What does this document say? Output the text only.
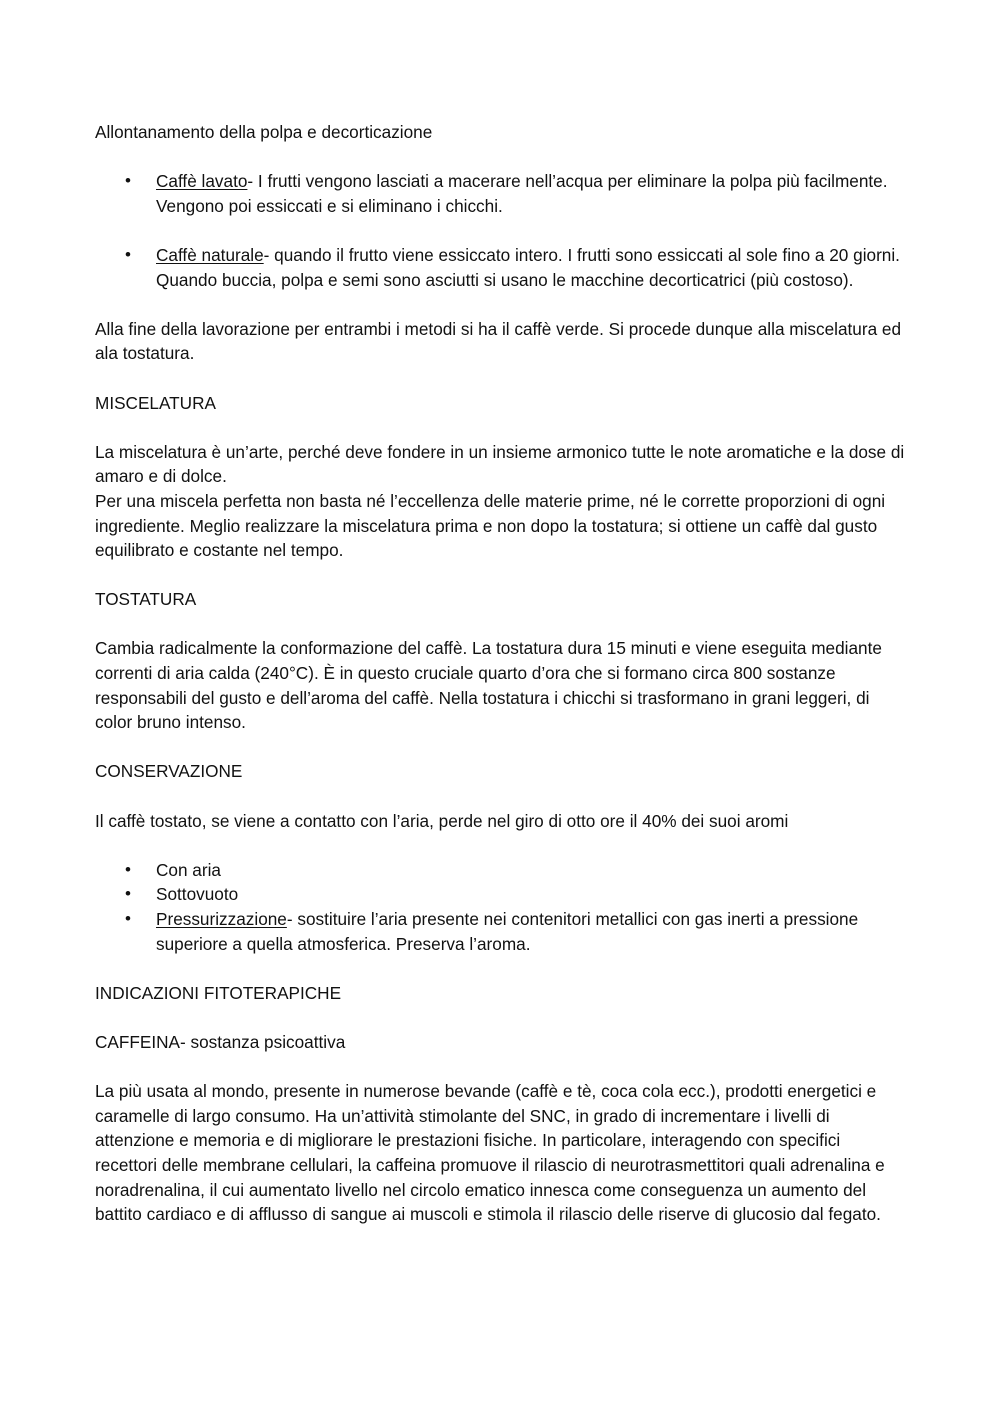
Allontanamento della polpa e decorticazione

• Caffè lavato- I frutti vengono lasciati a macerare nell’acqua per eliminare la polpa più facilmente. Vengono poi essiccati e si eliminano i chicchi.
• Caffè naturale- quando il frutto viene essiccato intero. I frutti sono essiccati al sole fino a 20 giorni. Quando buccia, polpa e semi sono asciutti si usano le macchine decorticatrici (più costoso).

Alla fine della lavorazione per entrambi i metodi si ha il caffè verde. Si procede dunque alla miscelatura ed ala tostatura.

MISCELATURA

La miscelatura è un’arte, perché deve fondere in un insieme armonico tutte le note aromatiche e la dose di amaro e di dolce.

Per una miscela perfetta non basta né l’eccellenza delle materie prime, né le corrette proporzioni di ogni ingrediente. Meglio realizzare la miscelatura prima e non dopo la tostatura; si ottiene un caffè dal gusto equilibrato e costante nel tempo.

TOSTATURA

Cambia radicalmente la conformazione del caffè. La tostatura dura 15 minuti e viene eseguita mediante correnti di aria calda (240°C). È in questo cruciale quarto d’ora che si formano circa 800 sostanze responsabili del gusto e dell’aroma del caffè. Nella tostatura i chicchi si trasformano in grani leggeri, di color bruno intenso.

CONSERVAZIONE

Il caffè tostato, se viene a contatto con l’aria, perde nel giro di otto ore il 40% dei suoi aromi

• Con aria
• Sottovuoto
• Pressurizzazione- sostituire l’aria presente nei contenitori metallici con gas inerti a pressione superiore a quella atmosferica. Preserva l’aroma.

INDICAZIONI FITOTERAPICHE

CAFFEINA- sostanza psicoattiva

La più usata al mondo, presente in numerose bevande (caffè e tè, coca cola ecc.), prodotti energetici e caramelle di largo consumo. Ha un’attività stimolante del SNC, in grado di incrementare i livelli di attenzione e memoria e di migliorare le prestazioni fisiche. In particolare, interagendo con specifici recettori delle membrane cellulari, la caffeina promuove il rilascio di neurotrasmettitori quali adrenalina e noradrenalina, il cui aumentato livello nel circolo ematico innesca come conseguenza un aumento del battito cardiaco e di afflusso di sangue ai muscoli e stimola il rilascio delle riserve di glucosio dal fegato.
